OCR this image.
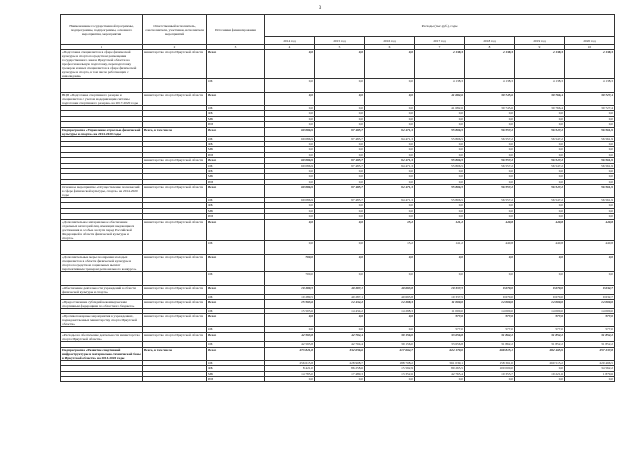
3
Наименование государственной программы, подпрограммы, подпрограммы, основного мероприятия, мероприятия	Ответственный исполнитель, соисполнители, участники, исполнители мероприятий	Источники финансирования	Расходы (тыс.руб.), годы						
			2014 год	2015 год	2016 год	2017 год	2018 год	2019 год	2020 год
1	2	3	4	5	6	7	8	9	10
«Подготовка специалистов в сфере физической культуры и спорта посредством размещения государственного заказа Иркутской области на профессиональную подготовку, переподготовку тренеров и иных специалистов в сфере физической культуры и спорта, в том числе работающих с инвалидами»	министерство спорта Иркутской области	Всего	0,0	0,0	0,0	4 138,3	4 138,3	4 138,3	4 138,3
		ОБ	0,0	0,0	0,0	4 138,3	4 138,3	4 138,3	4 138,3
ВЦП «Подготовка спортивного резерва и специалистов с учетом модернизации системы подготовки спортивного резерва» на 2017-2020 годы	министерство спорта Иркутской области	Всего	0,0	0,0	0,0	41 682,6	30 745,6	30 766,4	30 727,4
		ОБ	0,0	0,0	0,0	41 682,6	30 745,6	30 766,4	30 727,4
		ФБ	0,0	0,0	0,0	0,0	0,0	0,0	0,0
		МБ	0,0	0,0	0,0	0,0	0,0	0,0	0,0
		ИИ	0,0	0,0	0,0	0,0	0,0	0,0	0,0
Подпрограмма «Управление отраслью физической культуры и спорта» на 2014-2020 годы	Всего, в том числе	Всего	69 086,9	97 485,7	94 471,3	55 806,5	56 557,2	56 547,2	56 561,9
		ОБ	69 086,9	97 485,7	94 471,3	55 806,5	56 557,2	56 547,2	56 561,9
		ФБ	0,0	0,0	0,0	0,0	0,0	0,0	0,0
		МБ	0,0	0,0	0,0	0,0	0,0	0,0	0,0
		ИИ	0,0	0,0	0,0	0,0	0,0	0,0	0,0
	министерство спорта Иркутской области	Всего	69 086,9	97 485,7	94 471,3	55 806,5	56 557,2	56 547,2	56 561,9
		ОБ	69 086,9	97 485,7	94 471,3	55 806,5	56 557,2	56 547,2	56 561,9
		ФБ	0,0	0,0	0,0	0,0	0,0	0,0	0,0
		МБ	0,0	0,0	0,0	0,0	0,0	0,0	0,0
		ИИ	0,0	0,0	0,0	0,0	0,0	0,0	0,0
Основное мероприятие «Осуществление полномочий в сфере физической культуры, спорта» на 2014-2020 годы	министерство спорта Иркутской области	Всего	69 086,9	97 485,7	94 471,3	55 806,5	56 557,2	56 547,2	56 561,9
		ОБ	69 086,9	97 485,7	94 471,3	55 806,5	56 557,2	56 547,2	56 561,9
		ФБ	0,0	0,0	0,0	0,0	0,0	0,0	0,0
		МБ	0,0	0,0	0,0	0,0	0,0	0,0	0,0
		ИИ	0,0	0,0	0,0	0,0	0,0	0,0	0,0
«Дополнительное материальное обеспечение отдельных категорий лиц, имеющих выдающиеся достижения и особые заслуги перед Российской Федерацией в области физической культуры и спорта»	министерство спорта Иркутской области	Всего	0,0	0,0	15,2	141,2	440,8	440,8	440,8
		ОБ	0,0	0,0	15,2	141,2	440,8	440,8	440,8
«Дополнительные меры поощрения молодых специалистов в области физической культуры и спорта посредством социальных выплат перспективным тренерам регионального конкурса»	министерство спорта Иркутской области	Всего	700,0	0,0	0,0	0,0	0,0	0,0	0,0
		ОБ	700,0	0,0	0,0	0,0	0,0	0,0	0,0
«Обеспечение деятельности учреждений в области физической культуры и спорта»	министерство спорта Иркутской области	Всего	10 289,5	40 287,1	40 693,8	10 337,5	9 670,0	9 670,0	9 632,7
		ОБ	10 289,5	40 287,1	40 693,8	10 337,5	9 670,0	9 670,0	9 632,7
«Предоставление субсидий некоммерческим спортивным федерациям по областного бюджета»	министерство спорта Иркутской области	Всего	15 503,6	14 434,2	14 298,3	11 000,0	14 000,0	14 000,0	14 000,0
		ОБ	15 503,6	14 434,2	14 298,3	11 000,0	14 000,0	14 000,0	14 000,0
«Противопожарные мероприятия в учреждениях, подведомственных министерству спорта Иркутской области»	министерство спорта Иркутской области	Всего	0,0	0,0	0,0	577,0	577,0	577,0	577,0
		ОБ	0,0	0,0	0,0	577,0	577,0	577,0	577,0
«Расходы на обеспечение деятельности министерства спорта Иркутской области»	министерство спорта Иркутской области	Всего	42 593,8	42 704,4	39 156,0	33 656,8	31 862,2	31 852,2	31 852,2
		ОБ	42 593,8	42 704,4	39 156,0	33 656,8	31 862,2	31 852,2	31 852,2
Подпрограмма «Развитие спортивной инфраструктуры и материально-технической базы в Иркутской области» на 2014-2020 годы	Всего, в том числе	Всего	273 821,8	332 656,6	217 664,7	624 170,0	268 815,1	282 465,9	257 237,8
		ОБ	256 615,8	228 908,7	188 708,2	561 039,1	158 361,0	260 515,2	220 466,5
		ФБ	8 421,0	86 258,6	15 592,9	80 265,5	100 000,0	0,0	34 562,2
		МБ	14 785,0	17 489,3	13 352,6	42 765,4	10 353,7	19 221,6	1 879,6
		ИИ	0,0	0,0	0,0	0,0	0,0	0,0	0,0
